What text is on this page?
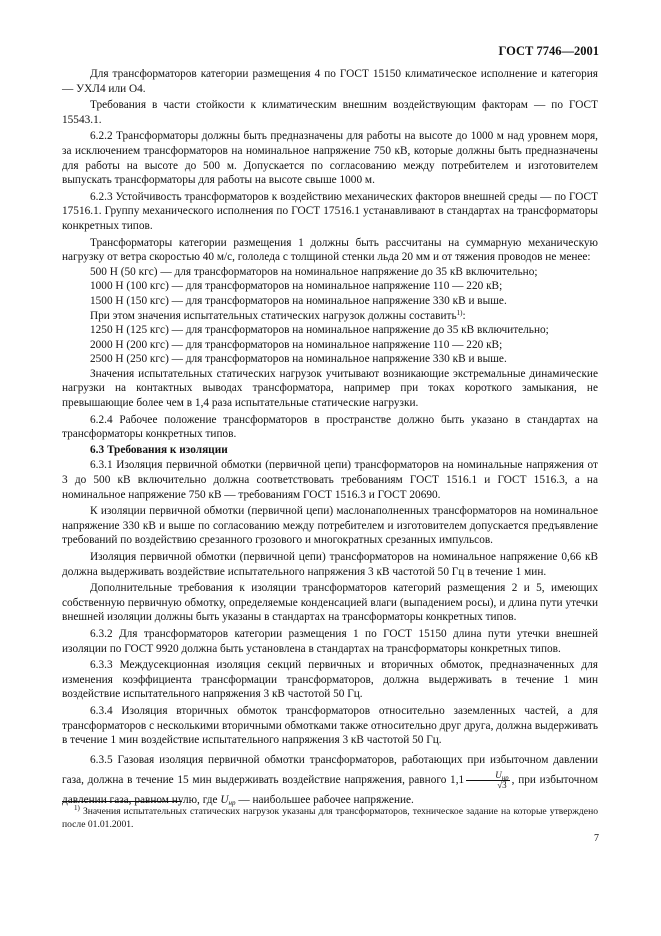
ГОСТ 7746—2001

Для трансформаторов категории размещения 4 по ГОСТ 15150 климатическое исполнение и категория — УХЛ4 или О4.

Требования в части стойкости к климатическим внешним воздействующим факторам — по ГОСТ 15543.1.

6.2.2 Трансформаторы должны быть предназначены для работы на высоте до 1000 м над уровнем моря, за исключением трансформаторов на номинальное напряжение 750 кВ, которые должны быть предназначены для работы на высоте до 500 м. Допускается по согласованию между потребителем и изготовителем выпускать трансформаторы для работы на высоте свыше 1000 м.

6.2.3 Устойчивость трансформаторов к воздействию механических факторов внешней среды — по ГОСТ 17516.1. Группу механического исполнения по ГОСТ 17516.1 устанавливают в стандартах на трансформаторы конкретных типов.

Трансформаторы категории размещения 1 должны быть рассчитаны на суммарную механическую нагрузку от ветра скоростью 40 м/с, гололеда с толщиной стенки льда 20 мм и от тяжения проводов не менее:

500 Н (50 кгс) — для трансформаторов на номинальное напряжение до 35 кВ включительно;

1000 Н (100 кгс) — для трансформаторов на номинальное напряжение 110 — 220 кВ;

1500 Н (150 кгс) — для трансформаторов на номинальное напряжение 330 кВ и выше.

При этом значения испытательных статических нагрузок должны составить$^{1)}$:

1250 Н (125 кгс) — для трансформаторов на номинальное напряжение до 35 кВ включительно;

2000 Н (200 кгс) — для трансформаторов на номинальное напряжение 110 — 220 кВ;

2500 Н (250 кгс) — для трансформаторов на номинальное напряжение 330 кВ и выше.

Значения испытательных статических нагрузок учитывают возникающие экстремальные динамические нагрузки на контактных выводах трансформатора, например при токах короткого замыкания, не превышающие более чем в 1,4 раза испытательные статические нагрузки.

6.2.4 Рабочее положение трансформаторов в пространстве должно быть указано в стандартах на трансформаторы конкретных типов.

6.3 Требования к изоляции

6.3.1 Изоляция первичной обмотки (первичной цепи) трансформаторов на номинальные напряжения от 3 до 500 кВ включительно должна соответствовать требованиям ГОСТ 1516.1 и ГОСТ 1516.3, а на номинальное напряжение 750 кВ — требованиям ГОСТ 1516.3 и ГОСТ 20690.

К изоляции первичной обмотки (первичной цепи) маслонаполненных трансформаторов на номинальное напряжение 330 кВ и выше по согласованию между потребителем и изготовителем допускается предъявление требований по воздействию срезанного грозового и многократных срезанных импульсов.

Изоляция первичной обмотки (первичной цепи) трансформаторов на номинальное напряжение 0,66 кВ должна выдерживать воздействие испытательного напряжения 3 кВ частотой 50 Гц в течение 1 мин.

Дополнительные требования к изоляции трансформаторов категорий размещения 2 и 5, имеющих собственную первичную обмотку, определяемые конденсацией влаги (выпадением росы), и длина пути утечки внешней изоляции должны быть указаны в стандартах на трансформаторы конкретных типов.

6.3.2 Для трансформаторов категории размещения 1 по ГОСТ 15150 длина пути утечки внешней изоляции по ГОСТ 9920 должна быть установлена в стандартах на трансформаторы конкретных типов.

6.3.3 Междусекционная изоляция секций первичных и вторичных обмоток, предназначенных для изменения коэффициента трансформации трансформаторов, должна выдерживать в течение 1 мин воздействие испытательного напряжения 3 кВ частотой 50 Гц.

6.3.4 Изоляция вторичных обмоток трансформаторов относительно заземленных частей, а для трансформаторов с несколькими вторичными обмотками также относительно друг друга, должна выдерживать в течение 1 мин воздействие испытательного напряжения 3 кВ частотой 50 Гц.

6.3.5 Газовая изоляция первичной обмотки трансформаторов, работающих при избыточном давлении газа, должна в течение 15 мин выдерживать воздействие напряжения, равного $1,1 \frac{U_{нр}}{√3}$ , при избыточном давлении газа, равном нулю, где $U_{нр}$ — наибольшее рабочее напряжение.

$^{1)}$ Значения испытательных статических нагрузок указаны для трансформаторов, техническое задание на которые утверждено после 01.01.2001.
7
